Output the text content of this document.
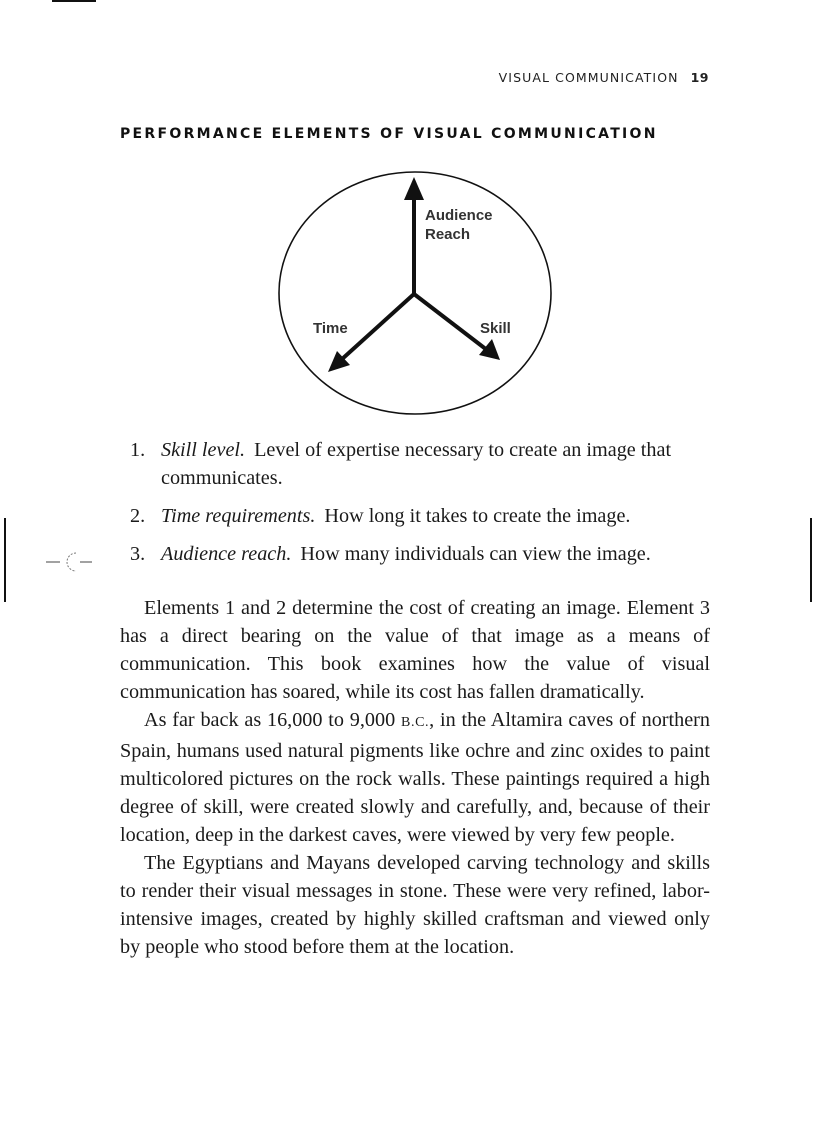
VISUAL COMMUNICATION 19
PERFORMANCE ELEMENTS OF VISUAL COMMUNICATION
Audience
Reach
Time	Skill
1. Skill level. Level of expertise necessary to create an image that communicates.
2. Time requirements. How long it takes to create the image.
3. Audience reach. How many individuals can view the image.

Elements 1 and 2 determine the cost of creating an image. Element 3 has a direct bearing on the value of that image as a means of communication. This book examines how the value of visual communication has soared, while its cost has fallen dramatically.

As far back as 16,000 to 9,000 B.C., in the Altamira caves of northern Spain, humans used natural pigments like ochre and zinc oxides to paint multicolored pictures on the rock walls. These paintings required a high degree of skill, were created slowly and carefully, and, because of their location, deep in the darkest caves, were viewed by very few people.

The Egyptians and Mayans developed carving technology and skills to render their visual messages in stone. These were very refined, labor-intensive images, created by highly skilled craftsman and viewed only by people who stood before them at the location.
